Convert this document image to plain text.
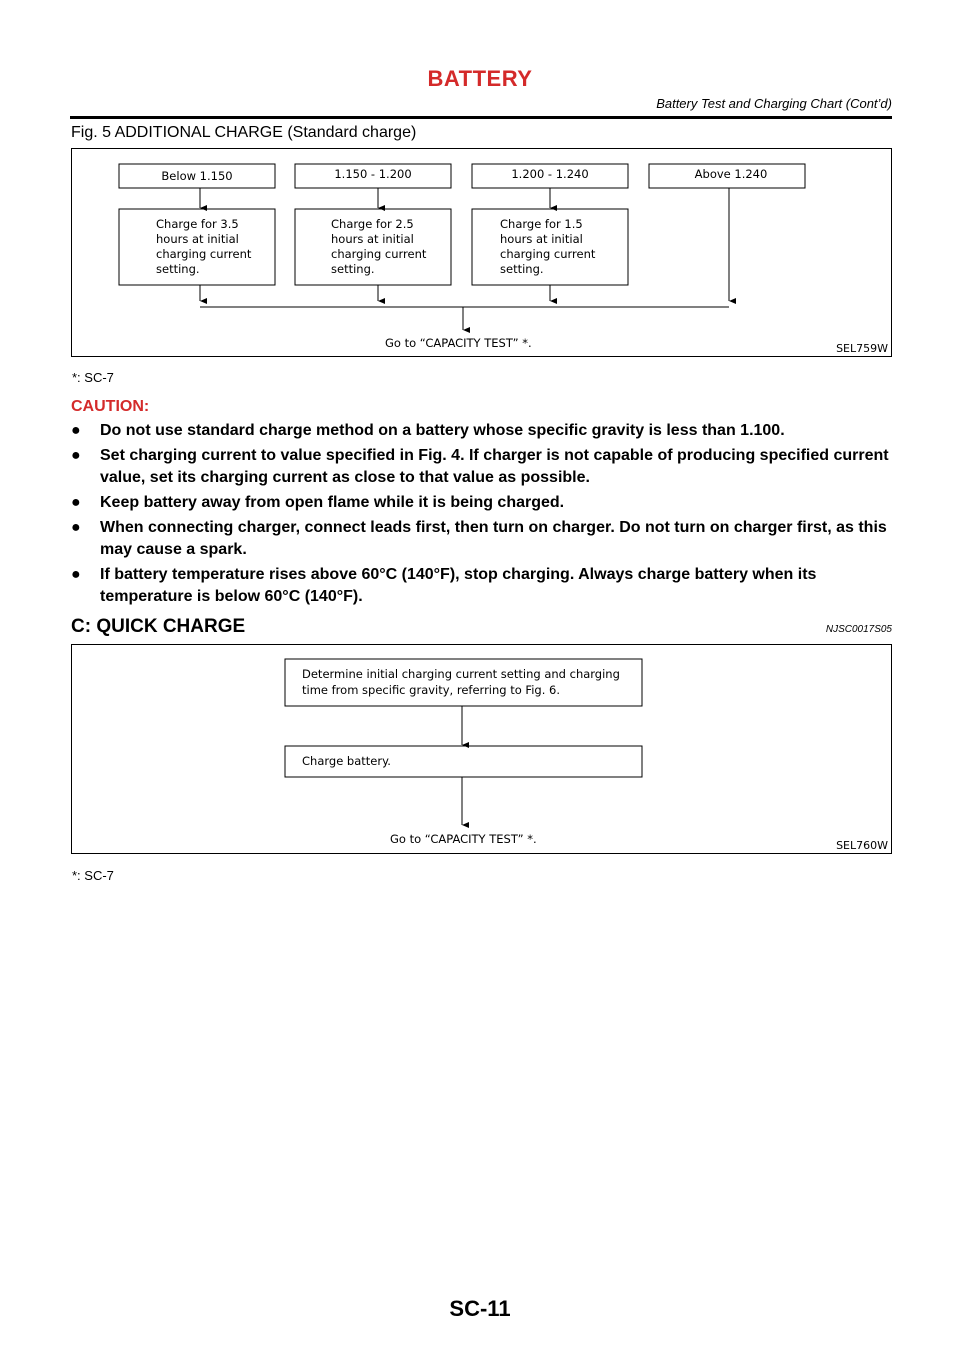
BATTERY
Battery Test and Charging Chart (Cont’d)
Fig. 5 ADDITIONAL CHARGE (Standard charge)
Below 1.150	1.150 - 1.200	1.200 - 1.240	Above 1.240
Charge for 3.5
hours at initial
charging current
setting.
Charge for 2.5
hours at initial
charging current
setting.
Charge for 1.5
hours at initial
charging current
setting.
Go to “CAPACITY TEST” *.	SEL759W
*: SC-7
CAUTION:
● Do not use standard charge method on a battery whose specific gravity is less than 1.100.
● Set charging current to value specified in Fig. 4. If charger is not capable of producing specified current value, set its charging current as close to that value as possible.
● Keep battery away from open flame while it is being charged.
● When connecting charger, connect leads first, then turn on charger. Do not turn on charger first, as this may cause a spark.
● If battery temperature rises above 60°C (140°F), stop charging. Always charge battery when its temperature is below 60°C (140°F).
C: QUICK CHARGE	NJSC0017S05
Determine initial charging current setting and charging
time from specific gravity, referring to Fig. 6.
Charge battery.
Go to “CAPACITY TEST” *.	SEL760W
*: SC-7
SC-11
